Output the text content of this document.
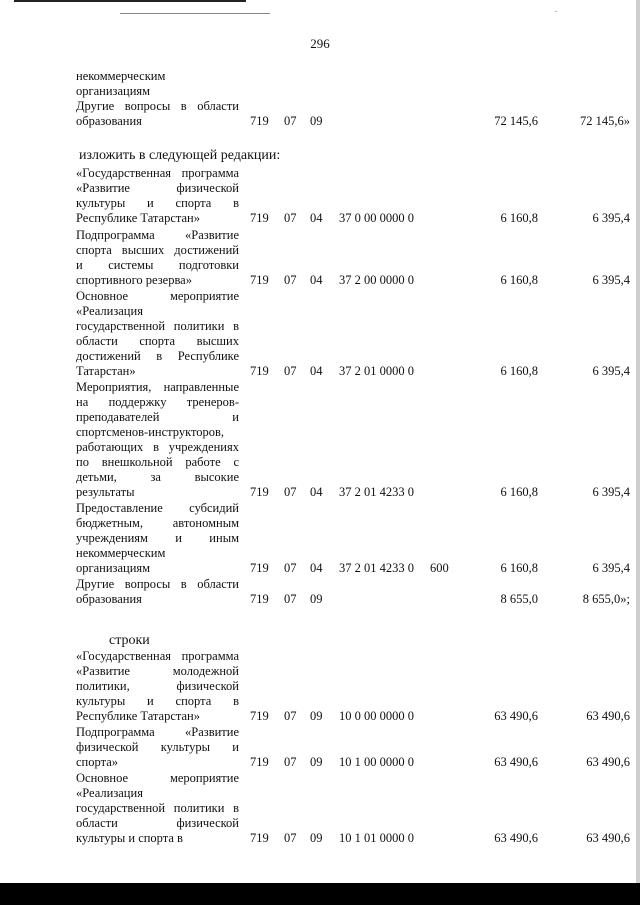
.
296
некоммерческим
организациям
Другие вопросы в области
образования	719 07 09	72 145,6	72 145,6»
изложить в следующей редакции:
«Государственная программа
«Развитие физической
культуры и спорта в
Республике Татарстан»	719 07 04 37 0 00 0000 0	6 160,8	6 395,4
Подпрограмма «Развитие
спорта высших достижений
и системы подготовки
спортивного резерва»	719 07 04 37 2 00 0000 0	6 160,8	6 395,4
Основное мероприятие
«Реализация
государственной политики в
области спорта высших
достижений в Республике
Татарстан»	719 07 04 37 2 01 0000 0	6 160,8	6 395,4
Мероприятия, направленные
на поддержку тренеров-
преподавателей и
спортсменов-инструкторов,
работающих в учреждениях
по внешкольной работе с
детьми, за высокие
результаты	719 07 04 37 2 01 4233 0	6 160,8	6 395,4
Предоставление субсидий
бюджетным, автономным
учреждениям и иным
некоммерческим
организациям	719 07 04 37 2 01 4233 0 600	6 160,8	6 395,4
Другие вопросы в области
образования	719 07 09	8 655,0	8 655,0»;
строки
«Государственная программа
«Развитие молодежной
политики, физической
культуры и спорта в
Республике Татарстан»	719 07 09 10 0 00 0000 0	63 490,6	63 490,6
Подпрограмма «Развитие
физической культуры и
спорта»	719 07 09 10 1 00 0000 0	63 490,6	63 490,6
Основное мероприятие
«Реализация
государственной политики в
области физической
культуры и спорта в	719 07 09 10 1 01 0000 0	63 490,6	63 490,6
